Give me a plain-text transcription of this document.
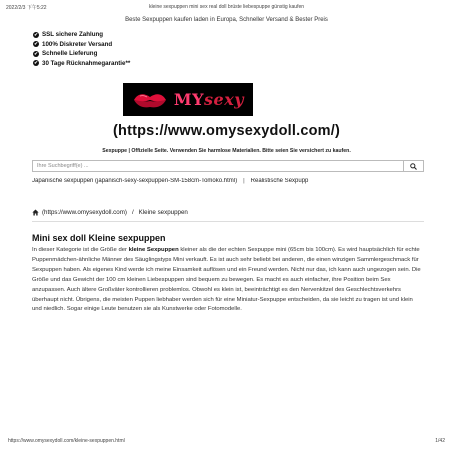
2022/2/3 下午5:22	kleine sexpuppen mini sex real doll brüste liebespuppe günstig kaufen
Beste Sexpuppen kaufen laden in Europa, Schneller Versand & Bester Preis
✔ SSL sichere Zahlung
✔ 100% Diskreter Versand
✔ Schnelle Lieferung
✔ 30 Tage Rücknahmegarantie**
MYsexy
(https://www.omysexydoll.com/)
Sexpuppe | Offizielle Seite. Verwenden Sie harmlose Materialien. Bitte seien Sie versichert zu kaufen.
Ihre Suchbegriff(e) ...
Japanische sexpuppen (japanisch-sexy-sexpuppen-SM-158cm-Tomoko.html) | Realistische Sexpupp
(https://www.omysexydoll.com) / Kleine sexpuppen
Mini sex doll Kleine sexpuppen
In dieser Kategorie ist die Größe der kleine Sexpuppen kleiner als die der echten Sexpuppe mini (65cm bis 100cm). Es wird hauptsächlich für echte Puppenmädchen-ähnliche Männer des Säuglingstyps Mini verkauft. Es ist auch sehr beliebt bei anderen, die einen winzigen Sammlergeschmack für Sexpuppen haben. Als eigenes Kind werde ich meine Einsamkeit auflösen und ein Freund werden. Nicht nur das, ich kann auch ungezogen sein. Die Größe und das Gewicht der 100 cm kleinen Liebespuppen sind bequem zu bewegen. Es macht es auch einfacher, ihre Position beim Sex anzupassen. Auch ältere Großväter kontrollieren problemlos. Obwohl es klein ist, beeinträchtigt es den Nervenkitzel des Geschlechtsverkehrs überhaupt nicht. Übrigens, die meisten Puppen liebhaber werden sich für eine Miniatur-Sexpuppe entscheiden, da sie leicht zu tragen ist und klein und niedlich. Sogar einige Leute benutzen sie als Kunstwerke oder Fotomodelle.
https://www.omysexydoll.com/kleine-sexpuppen.html	1/42
